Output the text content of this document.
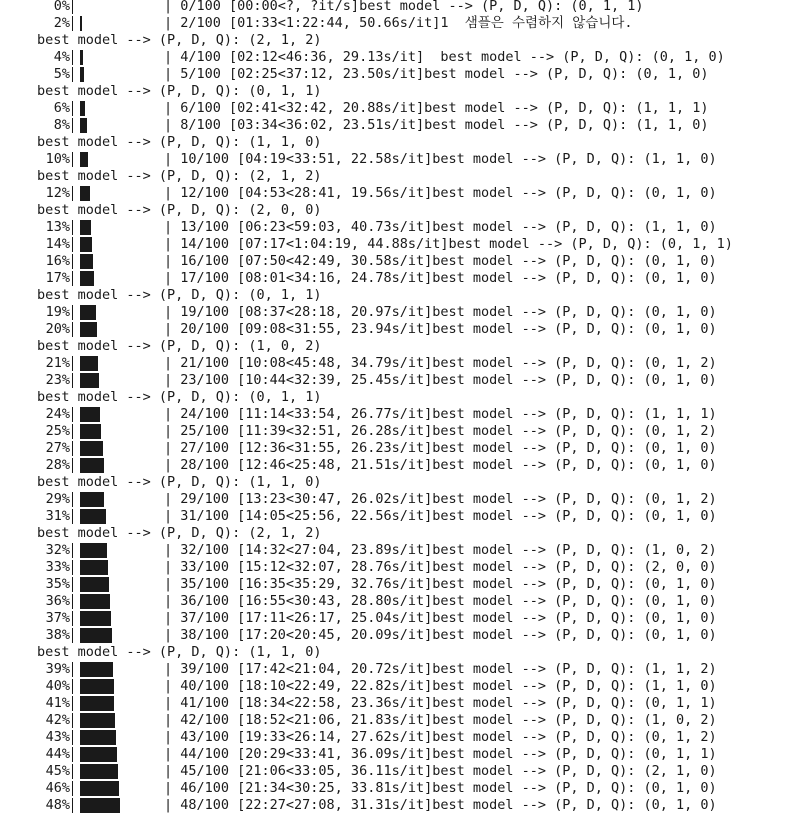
0%	| 0/100 [00:00<?, ?it/s]best model --> (P, D, Q): (0, 1, 1)
2%	| 2/100 [01:33<1:22:44, 50.66s/it]1  샘플은 수렴하지 않습니다.
best model --> (P, D, Q): (2, 1, 2)
4%	| 4/100 [02:12<46:36, 29.13s/it]  best model --> (P, D, Q): (0, 1, 0)
5%	| 5/100 [02:25<37:12, 23.50s/it]best model --> (P, D, Q): (0, 1, 0)
best model --> (P, D, Q): (0, 1, 1)
6%	| 6/100 [02:41<32:42, 20.88s/it]best model --> (P, D, Q): (1, 1, 1)
8%	| 8/100 [03:34<36:02, 23.51s/it]best model --> (P, D, Q): (1, 1, 0)
best model --> (P, D, Q): (1, 1, 0)
10%	| 10/100 [04:19<33:51, 22.58s/it]best model --> (P, D, Q): (1, 1, 0)
best model --> (P, D, Q): (2, 1, 2)
12%	| 12/100 [04:53<28:41, 19.56s/it]best model --> (P, D, Q): (0, 1, 0)
best model --> (P, D, Q): (2, 0, 0)
13%	| 13/100 [06:23<59:03, 40.73s/it]best model --> (P, D, Q): (1, 1, 0)
14%	| 14/100 [07:17<1:04:19, 44.88s/it]best model --> (P, D, Q): (0, 1, 1)
16%	| 16/100 [07:50<42:49, 30.58s/it]best model --> (P, D, Q): (0, 1, 0)
17%	| 17/100 [08:01<34:16, 24.78s/it]best model --> (P, D, Q): (0, 1, 0)
best model --> (P, D, Q): (0, 1, 1)
19%	| 19/100 [08:37<28:18, 20.97s/it]best model --> (P, D, Q): (0, 1, 0)
20%	| 20/100 [09:08<31:55, 23.94s/it]best model --> (P, D, Q): (0, 1, 0)
best model --> (P, D, Q): (1, 0, 2)
21%	| 21/100 [10:08<45:48, 34.79s/it]best model --> (P, D, Q): (0, 1, 2)
23%	| 23/100 [10:44<32:39, 25.45s/it]best model --> (P, D, Q): (0, 1, 0)
best model --> (P, D, Q): (0, 1, 1)
24%	| 24/100 [11:14<33:54, 26.77s/it]best model --> (P, D, Q): (1, 1, 1)
25%	| 25/100 [11:39<32:51, 26.28s/it]best model --> (P, D, Q): (0, 1, 2)
27%	| 27/100 [12:36<31:55, 26.23s/it]best model --> (P, D, Q): (0, 1, 0)
28%	| 28/100 [12:46<25:48, 21.51s/it]best model --> (P, D, Q): (0, 1, 0)
best model --> (P, D, Q): (1, 1, 0)
29%	| 29/100 [13:23<30:47, 26.02s/it]best model --> (P, D, Q): (0, 1, 2)
31%	| 31/100 [14:05<25:56, 22.56s/it]best model --> (P, D, Q): (0, 1, 0)
best model --> (P, D, Q): (2, 1, 2)
32%	| 32/100 [14:32<27:04, 23.89s/it]best model --> (P, D, Q): (1, 0, 2)
33%	| 33/100 [15:12<32:07, 28.76s/it]best model --> (P, D, Q): (2, 0, 0)
35%	| 35/100 [16:35<35:29, 32.76s/it]best model --> (P, D, Q): (0, 1, 0)
36%	| 36/100 [16:55<30:43, 28.80s/it]best model --> (P, D, Q): (0, 1, 0)
37%	| 37/100 [17:11<26:17, 25.04s/it]best model --> (P, D, Q): (0, 1, 0)
38%	| 38/100 [17:20<20:45, 20.09s/it]best model --> (P, D, Q): (0, 1, 0)
best model --> (P, D, Q): (1, 1, 0)
39%	| 39/100 [17:42<21:04, 20.72s/it]best model --> (P, D, Q): (1, 1, 2)
40%	| 40/100 [18:10<22:49, 22.82s/it]best model --> (P, D, Q): (1, 1, 0)
41%	| 41/100 [18:34<22:58, 23.36s/it]best model --> (P, D, Q): (0, 1, 1)
42%	| 42/100 [18:52<21:06, 21.83s/it]best model --> (P, D, Q): (1, 0, 2)
43%	| 43/100 [19:33<26:14, 27.62s/it]best model --> (P, D, Q): (0, 1, 2)
44%	| 44/100 [20:29<33:41, 36.09s/it]best model --> (P, D, Q): (0, 1, 1)
45%	| 45/100 [21:06<33:05, 36.11s/it]best model --> (P, D, Q): (2, 1, 0)
46%	| 46/100 [21:34<30:25, 33.81s/it]best model --> (P, D, Q): (0, 1, 0)
48%	| 48/100 [22:27<27:08, 31.31s/it]best model --> (P, D, Q): (0, 1, 0)
